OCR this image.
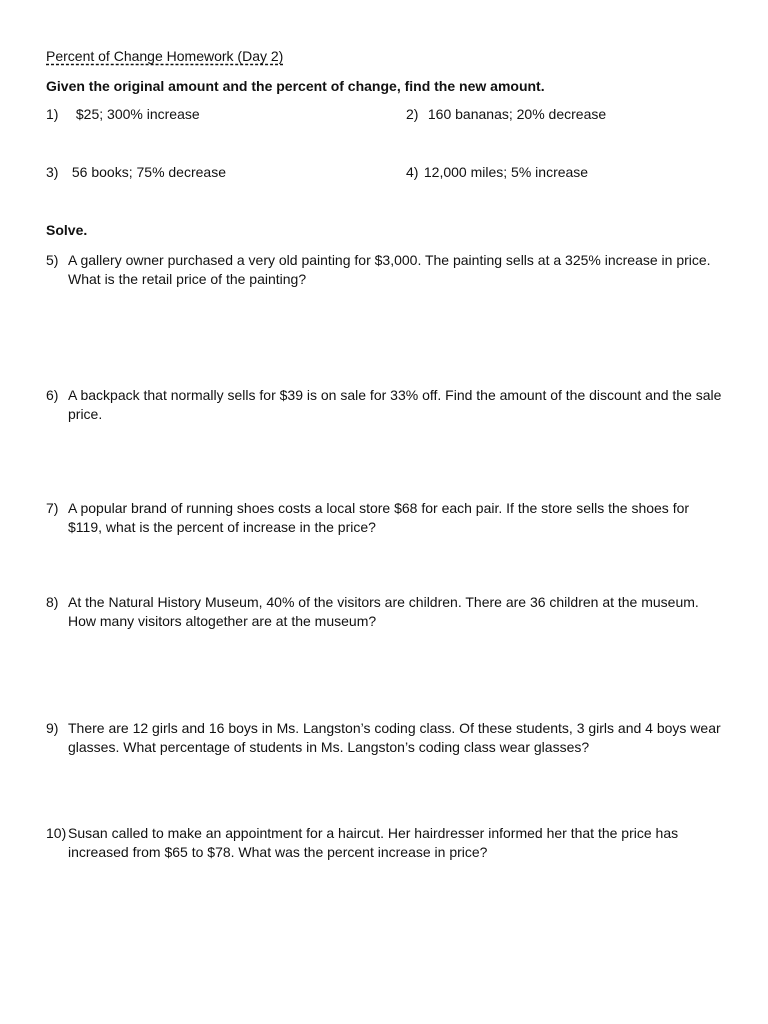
Percent of Change Homework (Day 2)
Given the original amount and the percent of change, find the new amount.
1) $25; 300% increase	2) 160 bananas; 20% decrease
3) 56 books; 75% decrease	4) 12,000 miles; 5% increase
Solve.
5) A gallery owner purchased a very old painting for $3,000. The painting sells at a 325% increase in price. What is the retail price of the painting?
6) A backpack that normally sells for $39 is on sale for 33% off. Find the amount of the discount and the sale price.
7) A popular brand of running shoes costs a local store $68 for each pair. If the store sells the shoes for $119, what is the percent of increase in the price?
8) At the Natural History Museum, 40% of the visitors are children. There are 36 children at the museum. How many visitors altogether are at the museum?
9) There are 12 girls and 16 boys in Ms. Langston’s coding class. Of these students, 3 girls and 4 boys wear glasses. What percentage of students in Ms. Langston’s coding class wear glasses?
10) Susan called to make an appointment for a haircut. Her hairdresser informed her that the price has increased from $65 to $78. What was the percent increase in price?
